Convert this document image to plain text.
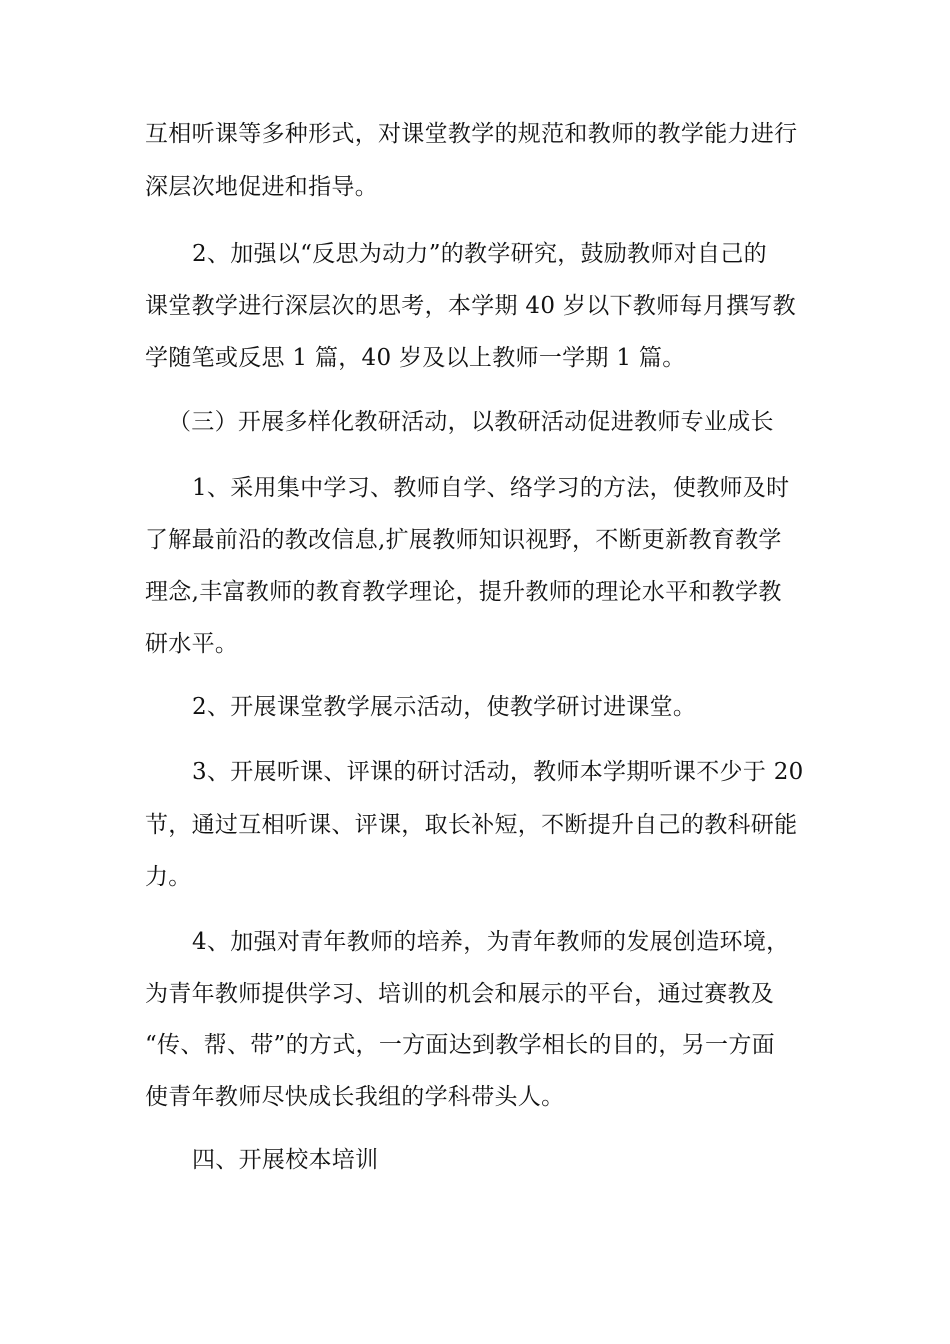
互相听课等多种形式，对课堂教学的规范和教师的教学能力进行
深层次地促进和指导。
2、加强以“反思为动力”的教学研究，鼓励教师对自己的
课堂教学进行深层次的思考，本学期 40 岁以下教师每月撰写教
学随笔或反思 1 篇，40 岁及以上教师一学期 1 篇。
（三）开展多样化教研活动，以教研活动促进教师专业成长
1、采用集中学习、教师自学、络学习的方法，使教师及时
了解最前沿的教改信息,扩展教师知识视野，不断更新教育教学
理念,丰富教师的教育教学理论，提升教师的理论水平和教学教
研水平。
2、开展课堂教学展示活动，使教学研讨进课堂。
3、开展听课、评课的研讨活动，教师本学期听课不少于 20
节，通过互相听课、评课，取长补短，不断提升自己的教科研能
力。
4、加强对青年教师的培养，为青年教师的发展创造环境，
为青年教师提供学习、培训的机会和展示的平台，通过赛教及
“传、帮、带”的方式，一方面达到教学相长的目的，另一方面
使青年教师尽快成长我组的学科带头人。
四、开展校本培训
